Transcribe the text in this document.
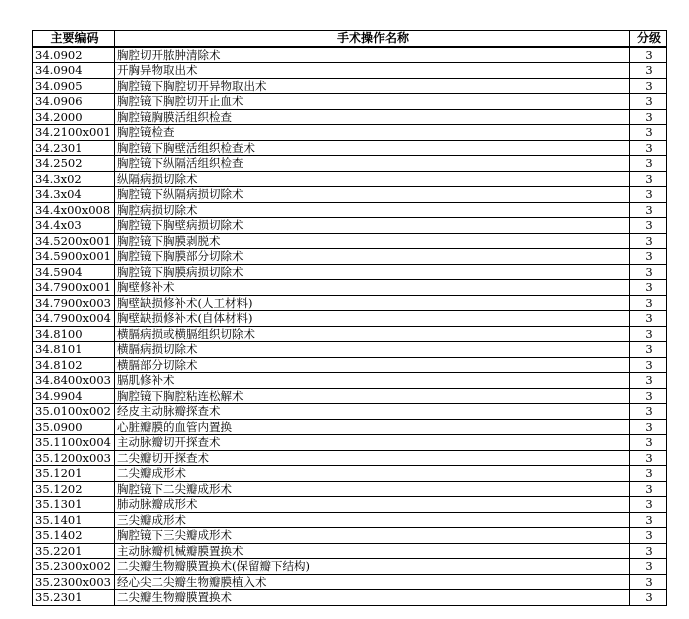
主要编码	手术操作名称	分级
34.0902	胸腔切开脓肿清除术	3
34.0904	开胸异物取出术	3
34.0905	胸腔镜下胸腔切开异物取出术	3
34.0906	胸腔镜下胸腔切开止血术	3
34.2000	胸腔镜胸膜活组织检查	3
34.2100x001	胸腔镜检查	3
34.2301	胸腔镜下胸壁活组织检查术	3
34.2502	胸腔镜下纵隔活组织检查	3
34.3x02	纵隔病损切除术	3
34.3x04	胸腔镜下纵隔病损切除术	3
34.4x00x008	胸腔病损切除术	3
34.4x03	胸腔镜下胸壁病损切除术	3
34.5200x001	胸腔镜下胸膜剥脱术	3
34.5900x001	胸腔镜下胸膜部分切除术	3
34.5904	胸腔镜下胸膜病损切除术	3
34.7900x001	胸壁修补术	3
34.7900x003	胸壁缺损修补术(人工材料)	3
34.7900x004	胸壁缺损修补术(自体材料)	3
34.8100	横膈病损或横膈组织切除术	3
34.8101	横膈病损切除术	3
34.8102	横膈部分切除术	3
34.8400x003	膈肌修补术	3
34.9904	胸腔镜下胸腔粘连松解术	3
35.0100x002	经皮主动脉瓣探查术	3
35.0900	心脏瓣膜的血管内置换	3
35.1100x004	主动脉瓣切开探查术	3
35.1200x003	二尖瓣切开探查术	3
35.1201	二尖瓣成形术	3
35.1202	胸腔镜下二尖瓣成形术	3
35.1301	肺动脉瓣成形术	3
35.1401	三尖瓣成形术	3
35.1402	胸腔镜下三尖瓣成形术	3
35.2201	主动脉瓣机械瓣膜置换术	3
35.2300x002	二尖瓣生物瓣膜置换术(保留瓣下结构)	3
35.2300x003	经心尖二尖瓣生物瓣膜植入术	3
35.2301	二尖瓣生物瓣膜置换术	3
